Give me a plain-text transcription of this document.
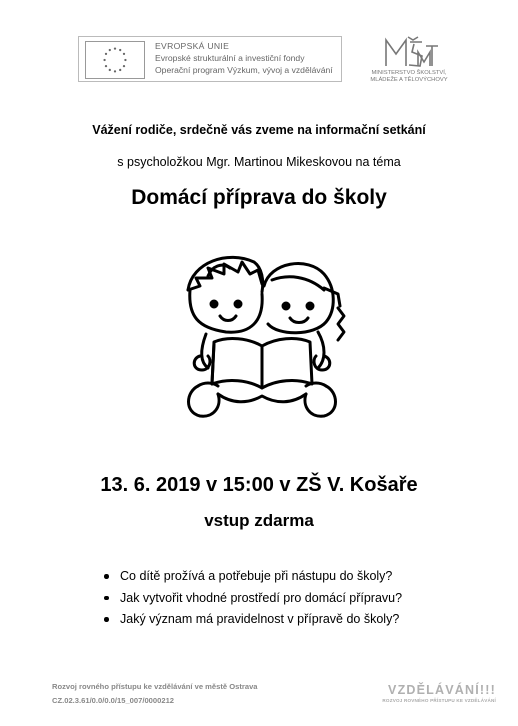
EVROPSKÁ UNIE
Evropské strukturální a investiční fondy
Operační program Výzkum, vývoj a vzdělávání	MINISTERSTVO ŠKOLSTVÍ,
MLÁDEŽE A TĚLOVÝCHOVY
Vážení rodiče, srdečně vás zveme na informační setkání
s psycholožkou Mgr. Martinou Mikeskovou na téma
Domácí příprava do školy
13. 6. 2019 v 15:00 v ZŠ V. Košaře
vstup zdarma
Co dítě prožívá a potřebuje při nástupu do školy?
Jak vytvořit vhodné prostředí pro domácí přípravu?
Jaký význam má pravidelnost v přípravě do školy?
Rozvoj rovného přístupu ke vzdělávání ve městě Ostrava
CZ.02.3.61/0.0/0.0/15_007/0000212
VZDĚLÁVÁNÍ!!!
ROZVOJ ROVNÉHO PŘÍSTUPU KE VZDĚLÁVÁNÍ
